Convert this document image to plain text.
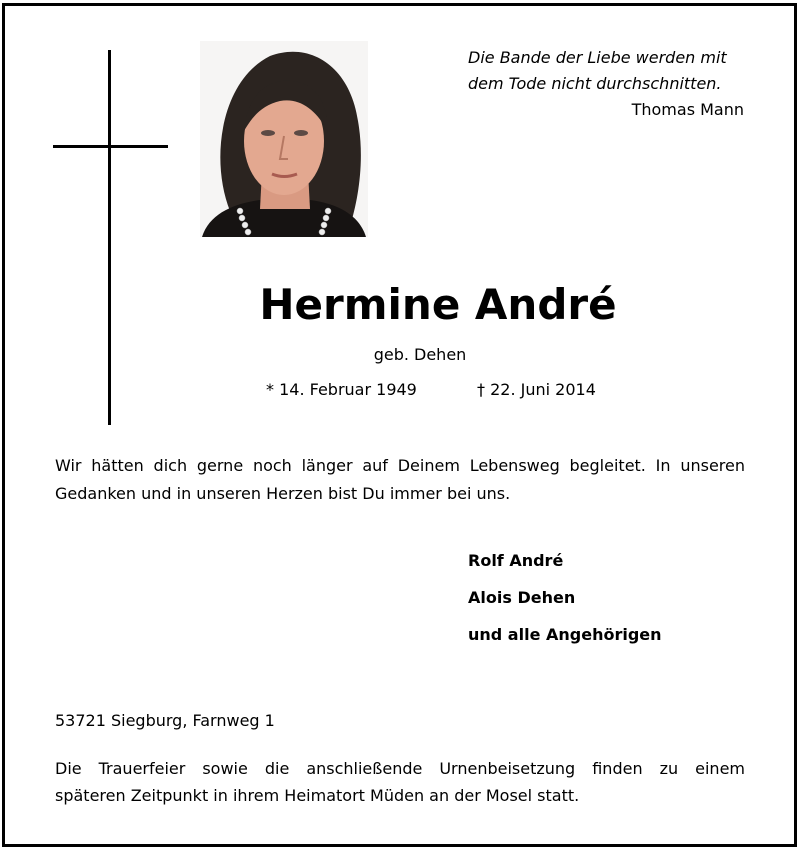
Die Bande der Liebe werden mit
dem Tode nicht durchschnitten.
Thomas Mann
Hermine André
geb. Dehen
* 14. Februar 1949	† 22. Juni 2014
Wir hätten dich gerne noch länger auf Deinem Lebensweg begleitet. In unseren Gedanken und in unseren Herzen bist Du immer bei uns.
Rolf André
Alois Dehen
und alle Angehörigen
53721 Siegburg, Farnweg 1
Die Trauerfeier sowie die anschließende Urnenbeisetzung finden zu einem
späteren Zeitpunkt in ihrem Heimatort Müden an der Mosel statt.
